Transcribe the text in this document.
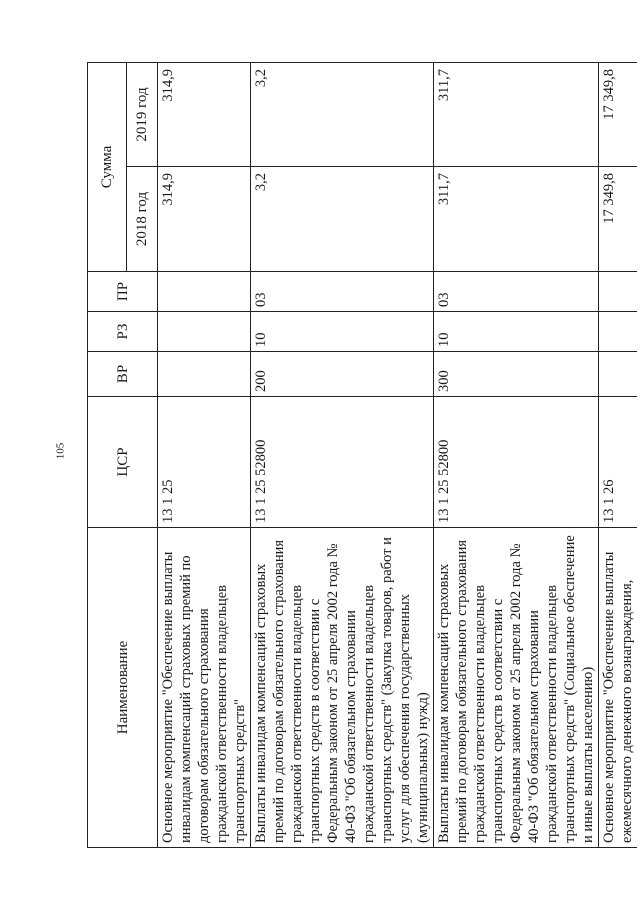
105
Наименование	ЦСР	ВР	РЗ	ПР	Сумма	
					2018 год	2019 год
Основное мероприятие "Обеспечение выплаты инвалидам компенсаций страховых премий по договорам обязательного страхования гражданской ответственности владельцев транспортных средств"	13 1 25				314,9	314,9
Выплаты инвалидам компенсаций страховых премий по договорам обязательного страхования гражданской ответственности владельцев транспортных средств в соответствии с Федеральным законом от 25 апреля 2002 года № 40-ФЗ "Об обязательном страховании гражданской ответственности владельцев транспортных средств" (Закупка товаров, работ и услуг для обеспечения государственных (муниципальных) нужд)	13 1 25 52800	200	10	03	3,2	3,2
Выплаты инвалидам компенсаций страховых премий по договорам обязательного страхования гражданской ответственности владельцев транспортных средств в соответствии с Федеральным законом от 25 апреля 2002 года № 40-ФЗ "Об обязательном страховании гражданской ответственности владельцев транспортных средств" (Социальное обеспечение и иные выплаты населению)	13 1 25 52800	300	10	03	311,7	311,7
Основное мероприятие "Обеспечение выплаты ежемесячного денежного вознаграждения,	13 1 26				17 349,8	17 349,8
